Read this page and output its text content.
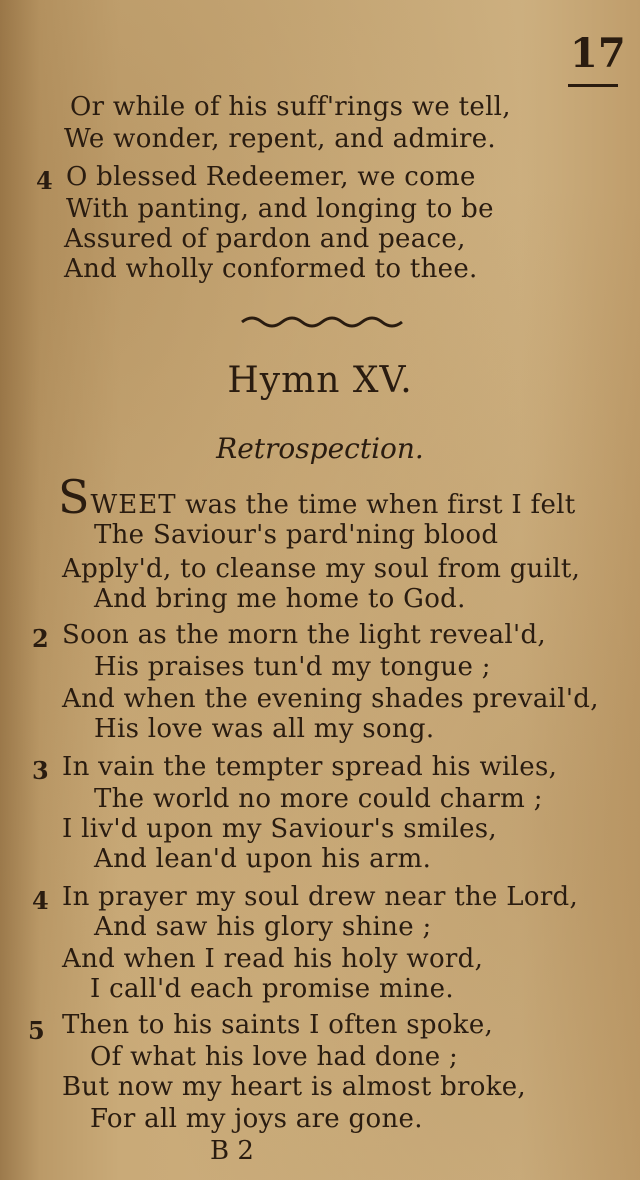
17
Or while of his suff'rings we tell,
We wonder, repent, and admire.
4 O blessed Redeemer, we come
With panting, and longing to be
Assured of pardon and peace,
And wholly conformed to thee.
Hymn XV.
Retrospection.
SWEET was the time when first I felt
The Saviour's pard'ning blood
Apply'd, to cleanse my soul from guilt,
And bring me home to God.
2 Soon as the morn the light reveal'd,
His praises tun'd my tongue ;
And when the evening shades prevail'd,
His love was all my song.
3 In vain the tempter spread his wiles,
The world no more could charm ;
I liv'd upon my Saviour's smiles,
And lean'd upon his arm.
4 In prayer my soul drew near the Lord,
And saw his glory shine ;
And when I read his holy word,
I call'd each promise mine.
5 Then to his saints I often spoke,
Of what his love had done ;
But now my heart is almost broke,
For all my joys are gone.
B 2
